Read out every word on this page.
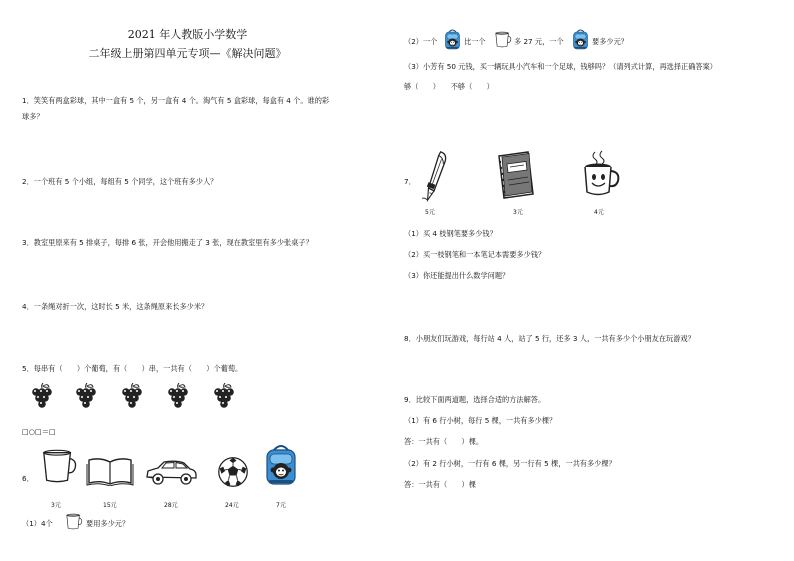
2021 年人教版小学数学
二年级上册第四单元专项—《解决问题》
1．笑笑有两盒彩球，其中一盒有 5 个，另一盒有 4 个。淘气有 5 盒彩球，每盒有 4 个。谁的彩
球多？
2．一个班有 5 个小组，每组有 5 个同学，这个班有多少人？
3．教室里原来有 5 排桌子，每排 6 张，开会他用搬走了 3 张，现在教室里有多少张桌子？
4．一条绳对折一次，这时长 5 米，这条绳原来长多少米？
5．每串有（　　）个葡萄，有（　　）串，一共有（　　）个葡萄。
□○□＝□
6．
3元	15元	28元	24元	7元
（1）4个	要用多少元？
（2）一个	比一个	多 27 元，一个	要多少元？
（3）小芳有 50 元钱，买一辆玩具小汽车和一个足球，钱够吗？（请列式计算，再选择正确答案）
够（　　）　　不够（　　）
7．
5元	3元	4元
（1）买 4 枝钢笔要多少钱？
（2）买一枝钢笔和一本笔记本需要多少钱？
（3）你还能提出什么数学问题？
8．小朋友们玩游戏，每行站 4 人，站了 5 行，还多 3 人，一共有多少个小朋友在玩游戏？
9．比较下面两道题，选择合适的方法解答。
（1）有 6 行小树，每行 5 棵，一共有多少棵？
答：一共有（　　）棵。
（2）有 2 行小树，一行有 6 棵，另一行有 5 棵，一共有多少棵？
答：一共有（　　）棵
